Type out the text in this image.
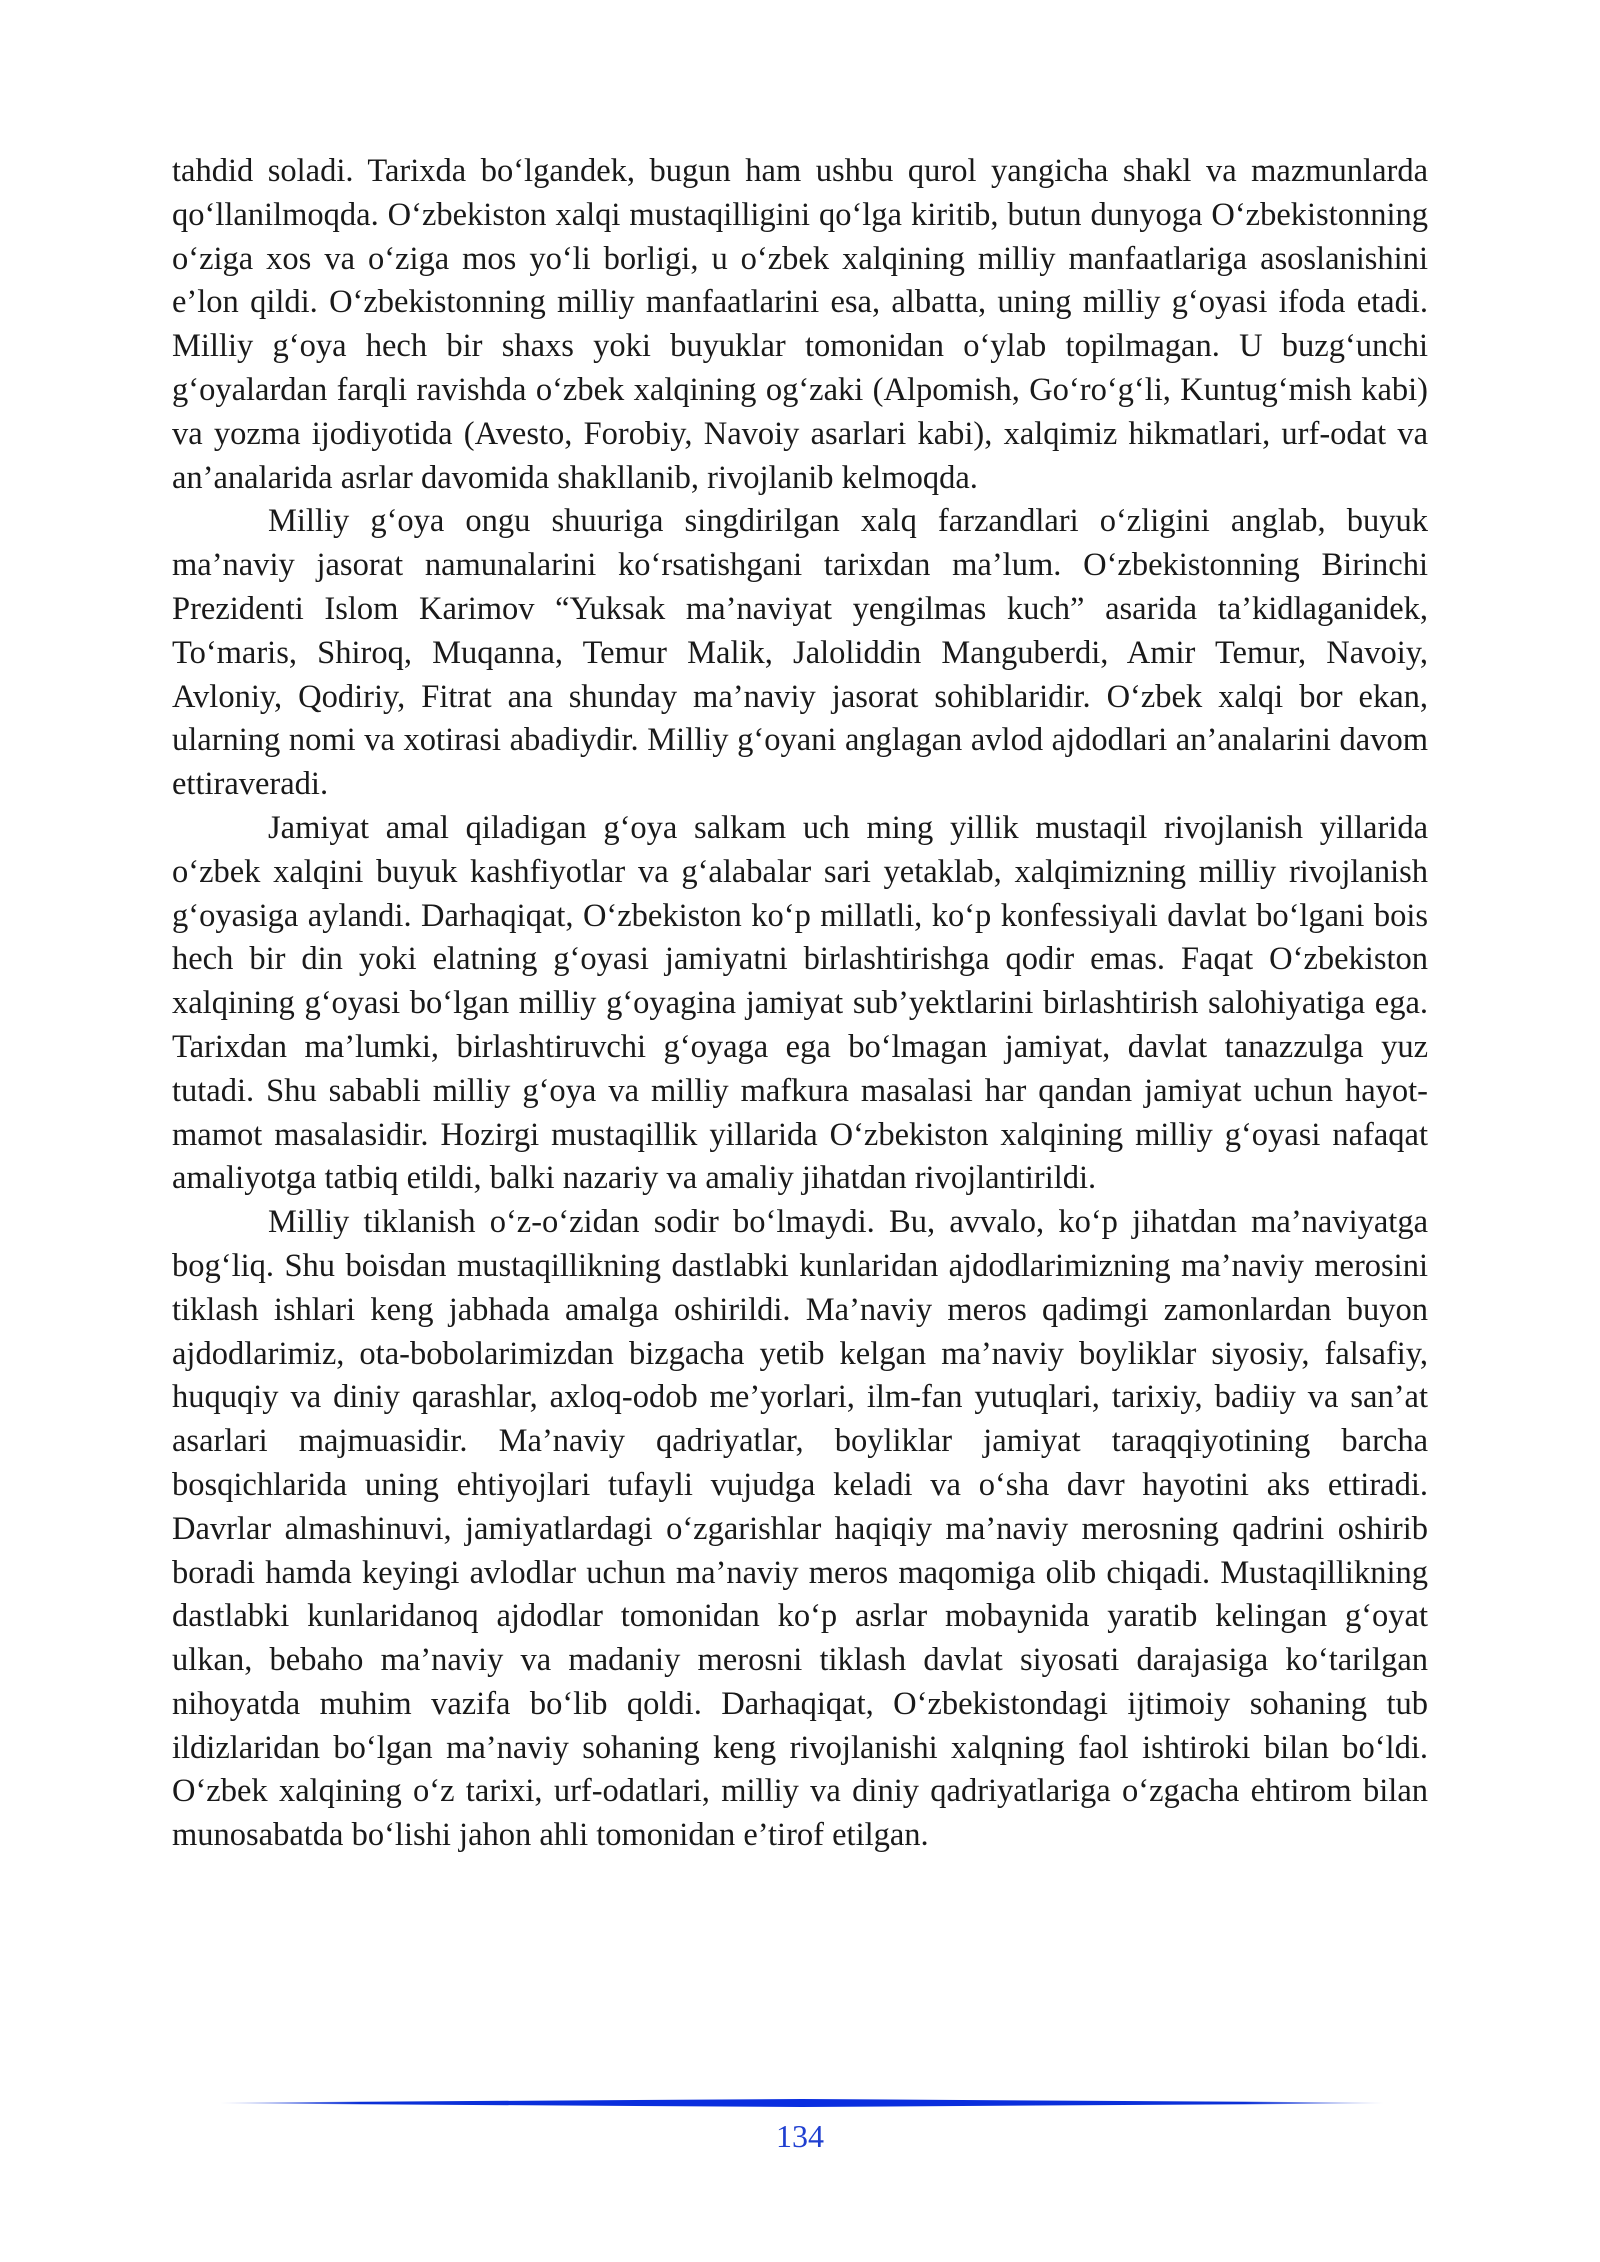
tahdid soladi. Tarixda bo‘lgandek, bugun ham ushbu qurol yangicha shakl va mazmunlarda qo‘llanilmoqda. O‘zbekiston xalqi mustaqilligini qo‘lga kiritib, butun dunyoga O‘zbekistonning o‘ziga xos va o‘ziga mos yo‘li borligi, u o‘zbek xalqining milliy manfaatlariga asoslanishini e’lon qildi. O‘zbekistonning milliy manfaatlarini esa, albatta, uning milliy g‘oyasi ifoda etadi. Milliy g‘oya hech bir shaxs yoki buyuklar tomonidan o‘ylab topilmagan. U buzg‘unchi g‘oyalardan farqli ravishda o‘zbek xalqining og‘zaki (Alpomish, Go‘ro‘g‘li, Kuntug‘mish kabi) va yozma ijodiyotida (Avesto, Forobiy, Navoiy asarlari kabi), xalqimiz hikmatlari, urf-odat va an’analarida asrlar davomida shakllanib, rivojlanib kelmoqda.

Milliy g‘oya ongu shuuriga singdirilgan xalq farzandlari o‘zligini anglab, buyuk ma’naviy jasorat namunalarini ko‘rsatishgani tarixdan ma’lum. O‘zbekistonning Birinchi Prezidenti Islom Karimov “Yuksak ma’naviyat yengilmas kuch” asarida ta’kidlaganidek, To‘maris, Shiroq, Muqanna, Temur Malik, Jaloliddin Manguberdi, Amir Temur, Navoiy, Avloniy, Qodiriy, Fitrat ana shunday ma’naviy jasorat sohiblaridir. O‘zbek xalqi bor ekan, ularning nomi va xotirasi abadiydir. Milliy g‘oyani anglagan avlod ajdodlari an’analarini davom ettiraveradi.

Jamiyat amal qiladigan g‘oya salkam uch ming yillik mustaqil rivojlanish yillarida o‘zbek xalqini buyuk kashfiyotlar va g‘alabalar sari yetaklab, xalqimizning milliy rivojlanish g‘oyasiga aylandi. Darhaqiqat, O‘zbekiston ko‘p millatli, ko‘p konfessiyali davlat bo‘lgani bois hech bir din yoki elatning g‘oyasi jamiyatni birlashtirishga qodir emas. Faqat O‘zbekiston xalqining g‘oyasi bo‘lgan milliy g‘oyagina jamiyat sub’yektlarini birlashtirish salohiyatiga ega. Tarixdan ma’lumki, birlashtiruvchi g‘oyaga ega bo‘lmagan jamiyat, davlat tanazzulga yuz tutadi. Shu sababli milliy g‘oya va milliy mafkura masalasi har qandan jamiyat uchun hayot-mamot masalasidir. Hozirgi mustaqillik yillarida O‘zbekiston xalqining milliy g‘oyasi nafaqat amaliyotga tatbiq etildi, balki nazariy va amaliy jihatdan rivojlantirildi.

Milliy tiklanish o‘z-o‘zidan sodir bo‘lmaydi. Bu, avvalo, ko‘p jihatdan ma’naviyatga bog‘liq. Shu boisdan mustaqillikning dastlabki kunlaridan ajdodlarimizning ma’naviy merosini tiklash ishlari keng jabhada amalga oshirildi. Ma’naviy meros qadimgi zamonlardan buyon ajdodlarimiz, ota-bobolarimizdan bizgacha yetib kelgan ma’naviy boyliklar siyosiy, falsafiy, huquqiy va diniy qarashlar, axloq-odob me’yorlari, ilm-fan yutuqlari, tarixiy, badiiy va san’at asarlari majmuasidir. Ma’naviy qadriyatlar, boyliklar jamiyat taraqqiyotining barcha bosqichlarida uning ehtiyojlari tufayli vujudga keladi va o‘sha davr hayotini aks ettiradi. Davrlar almashinuvi, jamiyatlardagi o‘zgarishlar haqiqiy ma’naviy merosning qadrini oshirib boradi hamda keyingi avlodlar uchun ma’naviy meros maqomiga olib chiqadi. Mustaqillikning dastlabki kunlaridanoq ajdodlar tomonidan ko‘p asrlar mobaynida yaratib kelingan g‘oyat ulkan, bebaho ma’naviy va madaniy merosni tiklash davlat siyosati darajasiga ko‘tarilgan nihoyatda muhim vazifa bo‘lib qoldi. Darhaqiqat, O‘zbekistondagi ijtimoiy sohaning tub ildizlaridan bo‘lgan ma’naviy sohaning keng rivojlanishi xalqning faol ishtiroki bilan bo‘ldi. O‘zbek xalqining o‘z tarixi, urf-odatlari, milliy va diniy qadriyatlariga o‘zgacha ehtirom bilan munosabatda bo‘lishi jahon ahli tomonidan e’tirof etilgan.

134
